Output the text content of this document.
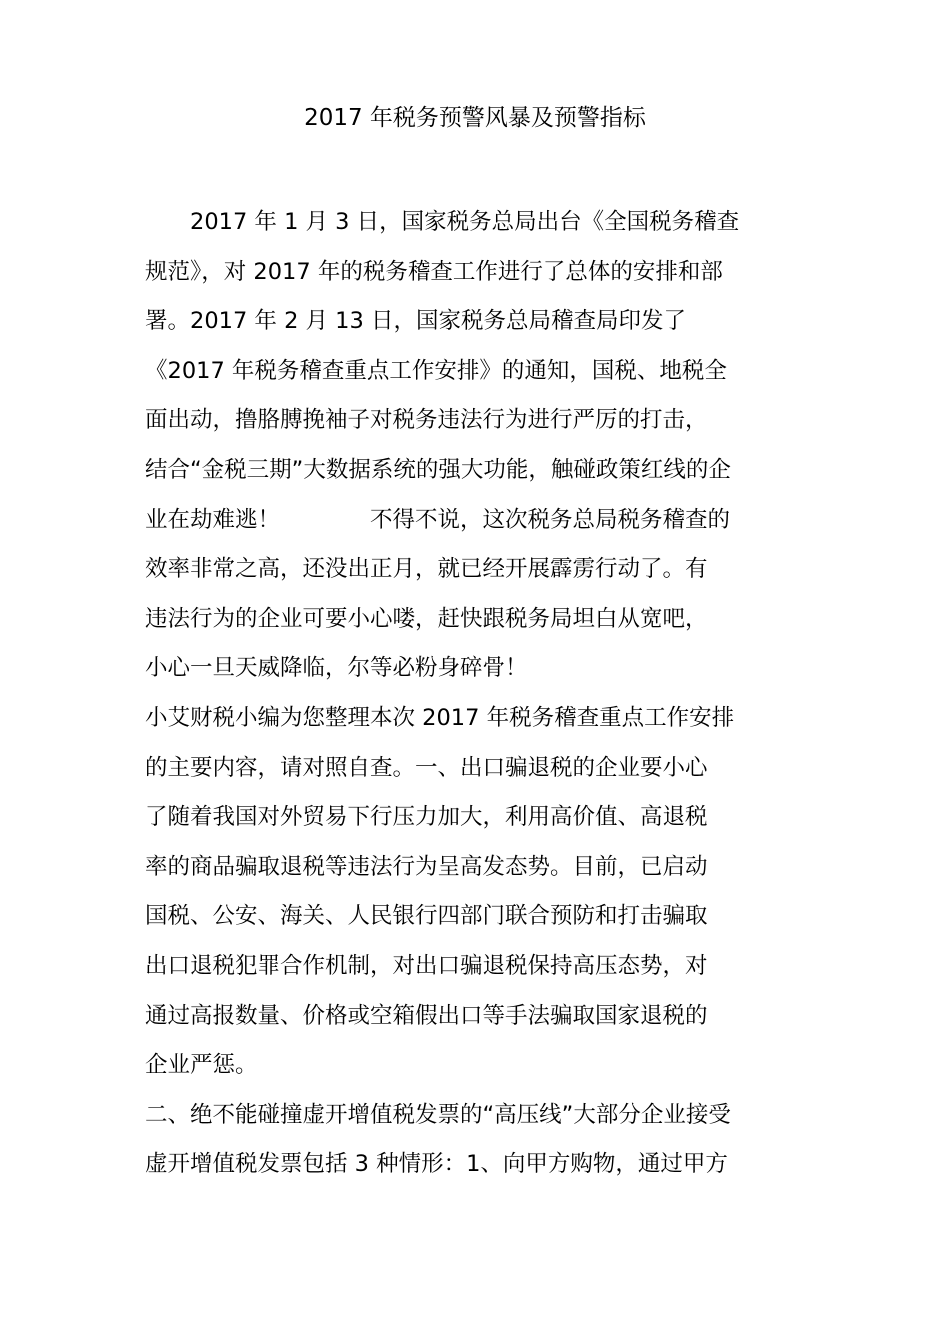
2017 年税务预警风暴及预警指标
　　2017 年 1 月 3 日，国家税务总局出台《全国税务稽查
规范》，对 2017 年的税务稽查工作进行了总体的安排和部
署。2017 年 2 月 13 日，国家税务总局稽查局印发了
《2017 年税务稽查重点工作安排》的通知，国税、地税全
面出动，撸胳膊挽袖子对税务违法行为进行严厉的打击，
结合“金税三期”大数据系统的强大功能，触碰政策红线的企
业在劫难逃！　　　　不得不说，这次税务总局税务稽查的
效率非常之高，还没出正月，就已经开展霹雳行动了。有
违法行为的企业可要小心喽，赶快跟税务局坦白从宽吧，
小心一旦天威降临，尔等必粉身碎骨！
小艾财税小编为您整理本次 2017 年税务稽查重点工作安排
的主要内容，请对照自查。一、出口骗退税的企业要小心
了随着我国对外贸易下行压力加大，利用高价值、高退税
率的商品骗取退税等违法行为呈高发态势。目前，已启动
国税、公安、海关、人民银行四部门联合预防和打击骗取
出口退税犯罪合作机制，对出口骗退税保持高压态势，对
通过高报数量、价格或空箱假出口等手法骗取国家退税的
企业严惩。
二、绝不能碰撞虚开增值税发票的“高压线”大部分企业接受
虚开增值税发票包括 3 种情形：1、向甲方购物，通过甲方
